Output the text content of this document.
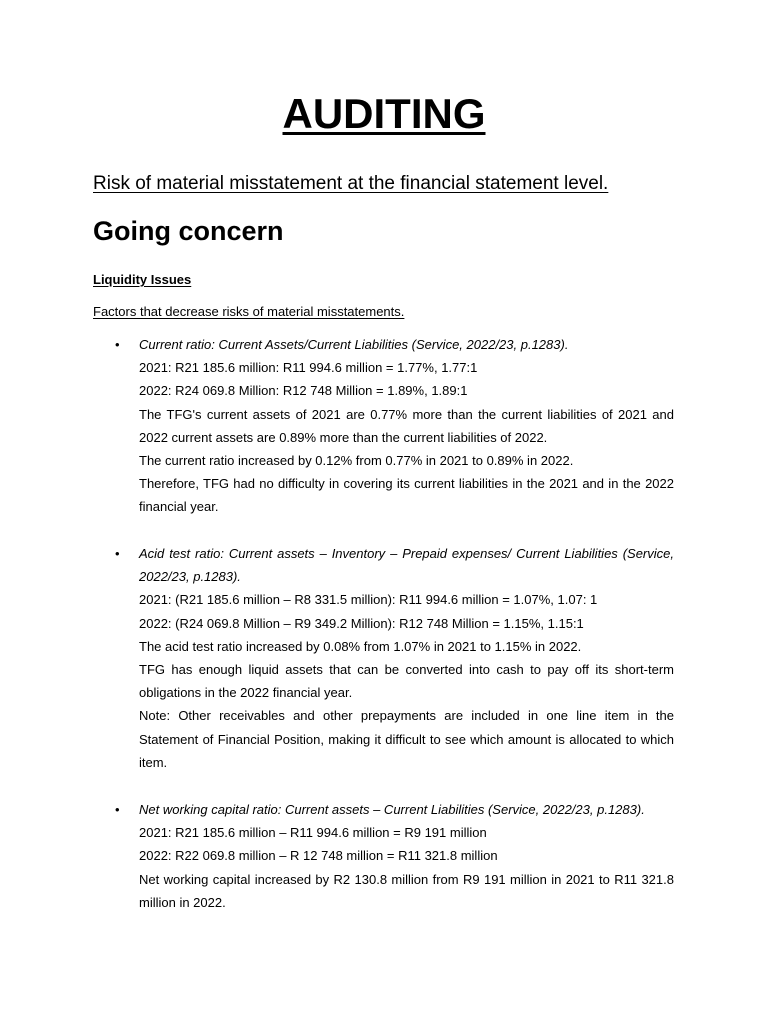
AUDITING
Risk of material misstatement at the financial statement level.
Going concern
Liquidity Issues
Factors that decrease risks of material misstatements.
• Current ratio: Current Assets/Current Liabilities (Service, 2022/23, p.1283).
2021: R21 185.6 million: R11 994.6 million = 1.77%, 1.77:1
2022: R24 069.8 Million: R12 748 Million = 1.89%, 1.89:1
The TFG's current assets of 2021 are 0.77% more than the current liabilities of 2021 and 2022 current assets are 0.89% more than the current liabilities of 2022.
The current ratio increased by 0.12% from 0.77% in 2021 to 0.89% in 2022.
Therefore, TFG had no difficulty in covering its current liabilities in the 2021 and in the 2022 financial year.
• Acid test ratio: Current assets – Inventory – Prepaid expenses/ Current Liabilities (Service, 2022/23, p.1283).
2021: (R21 185.6 million – R8 331.5 million): R11 994.6 million = 1.07%, 1.07: 1
2022: (R24 069.8 Million – R9 349.2 Million): R12 748 Million = 1.15%, 1.15:1
The acid test ratio increased by 0.08% from 1.07% in 2021 to 1.15% in 2022.
TFG has enough liquid assets that can be converted into cash to pay off its short-term obligations in the 2022 financial year.
Note: Other receivables and other prepayments are included in one line item in the Statement of Financial Position, making it difficult to see which amount is allocated to which item.
• Net working capital ratio: Current assets – Current Liabilities (Service, 2022/23, p.1283).
2021: R21 185.6 million – R11 994.6 million = R9 191 million
2022: R22 069.8 million – R 12 748 million = R11 321.8 million
Net working capital increased by R2 130.8 million from R9 191 million in 2021 to R11 321.8 million in 2022.
